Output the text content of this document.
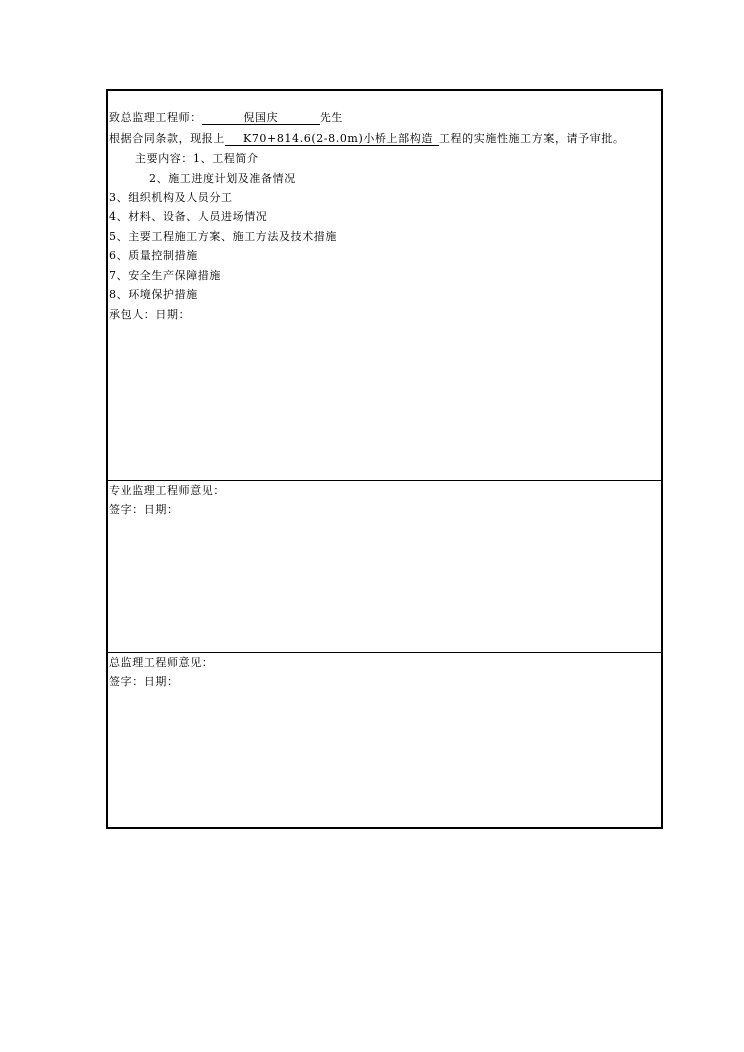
致总监理工程师：	倪国庆	先生
根据合同条款，现报上 K70+814.6(2-8.0m)小桥上部构造 工程的实施性施工方案，请予审批。
主要内容：1、工程简介
2、施工进度计划及准备情况
3、组织机构及人员分工
4、材料、设备、人员进场情况
5、主要工程施工方案、施工方法及技术措施
6、质量控制措施
7、安全生产保障措施
8、环境保护措施
承包人：日期：
专业监理工程师意见：
签字：日期：
总监理工程师意见：
签字：日期：
